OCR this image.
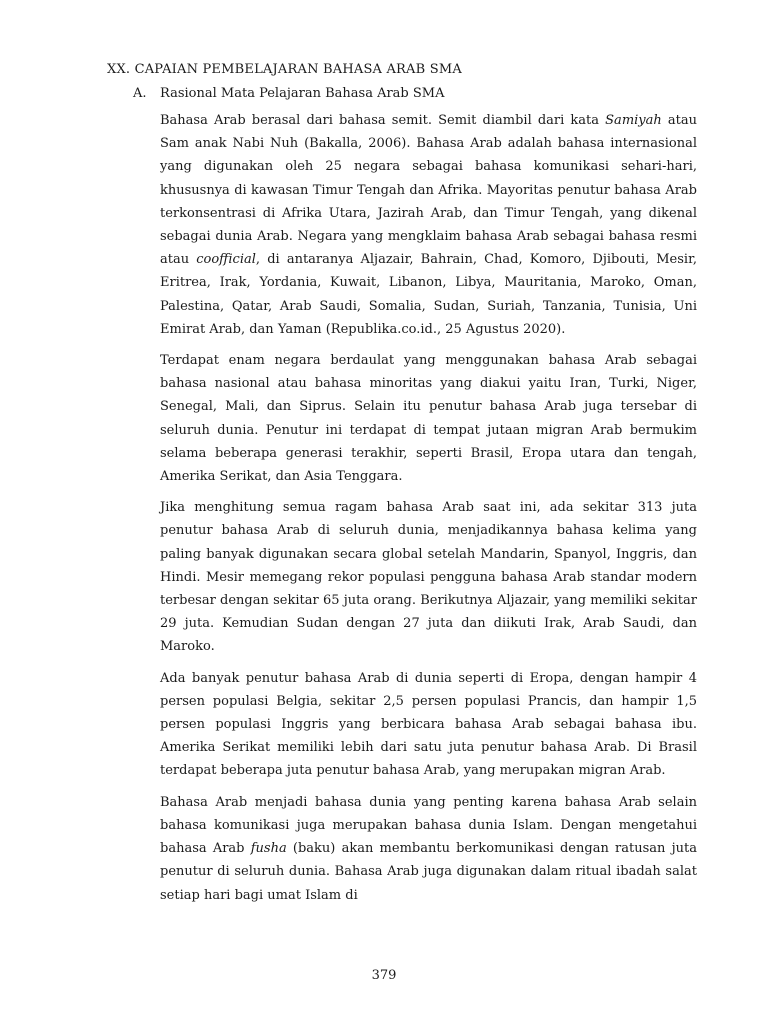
XX. CAPAIAN PEMBELAJARAN BAHASA ARAB SMA
A. Rasional Mata Pelajaran Bahasa Arab SMA

Bahasa Arab berasal dari bahasa semit. Semit diambil dari kata Samiyah atau Sam anak Nabi Nuh (Bakalla, 2006). Bahasa Arab adalah bahasa internasional yang digunakan oleh 25 negara sebagai bahasa komunikasi sehari-hari, khususnya di kawasan Timur Tengah dan Afrika. Mayoritas penutur bahasa Arab terkonsentrasi di Afrika Utara, Jazirah Arab, dan Timur Tengah, yang dikenal sebagai dunia Arab. Negara yang mengklaim bahasa Arab sebagai bahasa resmi atau coofficial, di antaranya Aljazair, Bahrain, Chad, Komoro, Djibouti, Mesir, Eritrea, Irak, Yordania, Kuwait, Libanon, Libya, Mauritania, Maroko, Oman, Palestina, Qatar, Arab Saudi, Somalia, Sudan, Suriah, Tanzania, Tunisia, Uni Emirat Arab, dan Yaman (Republika.co.id., 25 Agustus 2020).

Terdapat enam negara berdaulat yang menggunakan bahasa Arab sebagai bahasa nasional atau bahasa minoritas yang diakui yaitu Iran, Turki, Niger, Senegal, Mali, dan Siprus. Selain itu penutur bahasa Arab juga tersebar di seluruh dunia. Penutur ini terdapat di tempat jutaan migran Arab bermukim selama beberapa generasi terakhir, seperti Brasil, Eropa utara dan tengah, Amerika Serikat, dan Asia Tenggara.

Jika menghitung semua ragam bahasa Arab saat ini, ada sekitar 313 juta penutur bahasa Arab di seluruh dunia, menjadikannya bahasa kelima yang paling banyak digunakan secara global setelah Mandarin, Spanyol, Inggris, dan Hindi. Mesir memegang rekor populasi pengguna bahasa Arab standar modern terbesar dengan sekitar 65 juta orang. Berikutnya Aljazair, yang memiliki sekitar 29 juta. Kemudian Sudan dengan 27 juta dan diikuti Irak, Arab Saudi, dan Maroko.

Ada banyak penutur bahasa Arab di dunia seperti di Eropa, dengan hampir 4 persen populasi Belgia, sekitar 2,5 persen populasi Prancis, dan hampir 1,5 persen populasi Inggris yang berbicara bahasa Arab sebagai bahasa ibu. Amerika Serikat memiliki lebih dari satu juta penutur bahasa Arab. Di Brasil terdapat beberapa juta penutur bahasa Arab, yang merupakan migran Arab.

Bahasa Arab menjadi bahasa dunia yang penting karena bahasa Arab selain bahasa komunikasi juga merupakan bahasa dunia Islam. Dengan mengetahui bahasa Arab fusha (baku) akan membantu berkomunikasi dengan ratusan juta penutur di seluruh dunia. Bahasa Arab juga digunakan dalam ritual ibadah salat setiap hari bagi umat Islam di

379
